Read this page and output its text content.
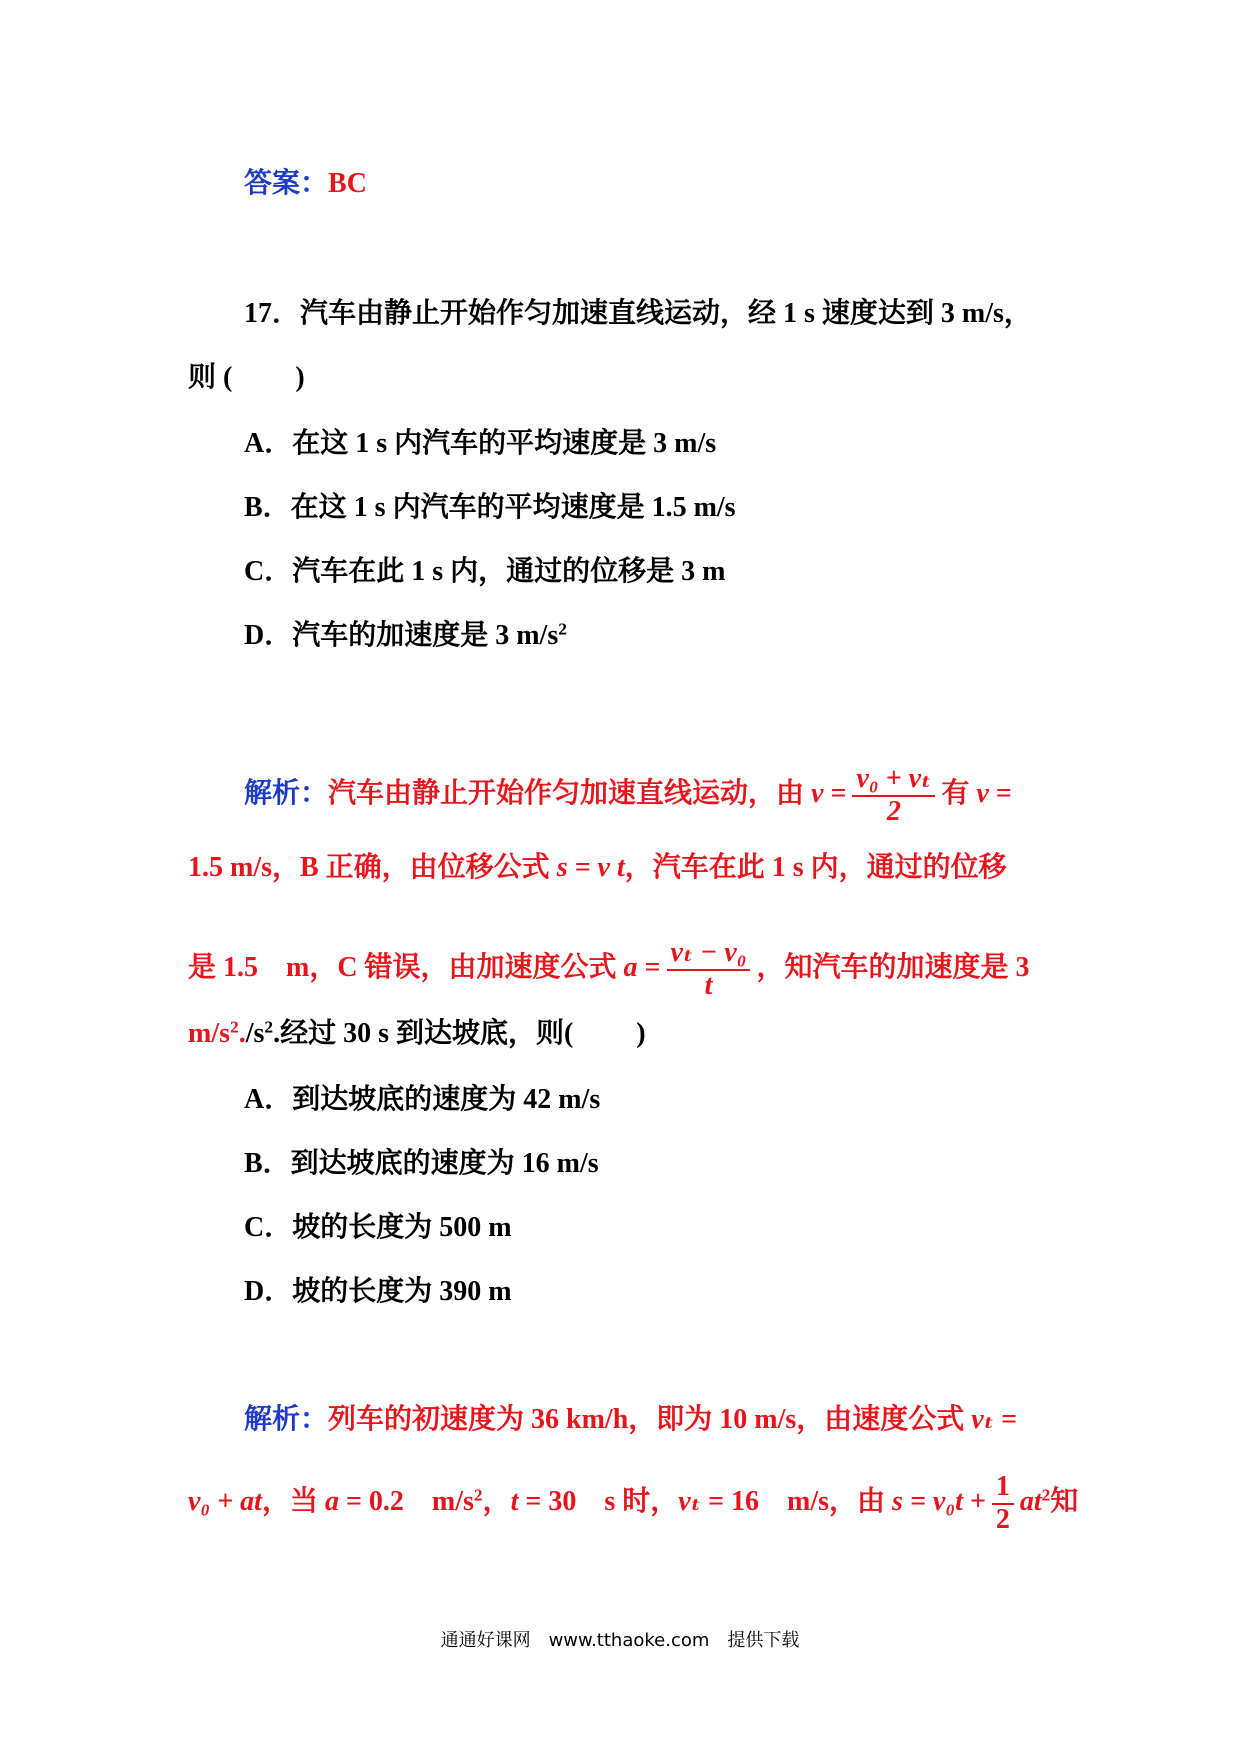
答案：BC
17．汽车由静止开始作匀加速直线运动，经 1 s 速度达到 3 m/s，
则 (　 　)
A．在这 1 s 内汽车的平均速度是 3 m/s
B．在这 1 s 内汽车的平均速度是 1.5 m/s
C．汽车在此 1 s 内，通过的位移是 3 m
D．汽车的加速度是 3 $m/s^2$
解析：汽车由静止开始作匀加速直线运动，由 $v = \frac{\text{v₀ + vₜ}}{2}$ 有 v =
1.5 m/s，B 正确，由位移公式 s = v t，汽车在此 1 s 内，通过的位移
是 1.5　m，C 错误，由加速度公式 $a = \frac{\text{vₜ − v₀}}{t}$ ，知汽车的加速度是 3
$m/s^2./s^2$.经过 30 s 到达坡底，则(　 　)
A．到达坡底的速度为 42 m/s
B．到达坡底的速度为 16 m/s
C．坡的长度为 500 m
D．坡的长度为 390 m
解析：列车的初速度为 36 km/h，即为 10 m/s，由速度公式 vₜ =
v₀ + at，当 a = 0.2　$m/s^2$，t = 30　s 时，vₜ = 16　m/s，由 $s = v_0t + \frac{1}{2} at^2$知
通通好课网　www.tthaoke.com　提供下载
